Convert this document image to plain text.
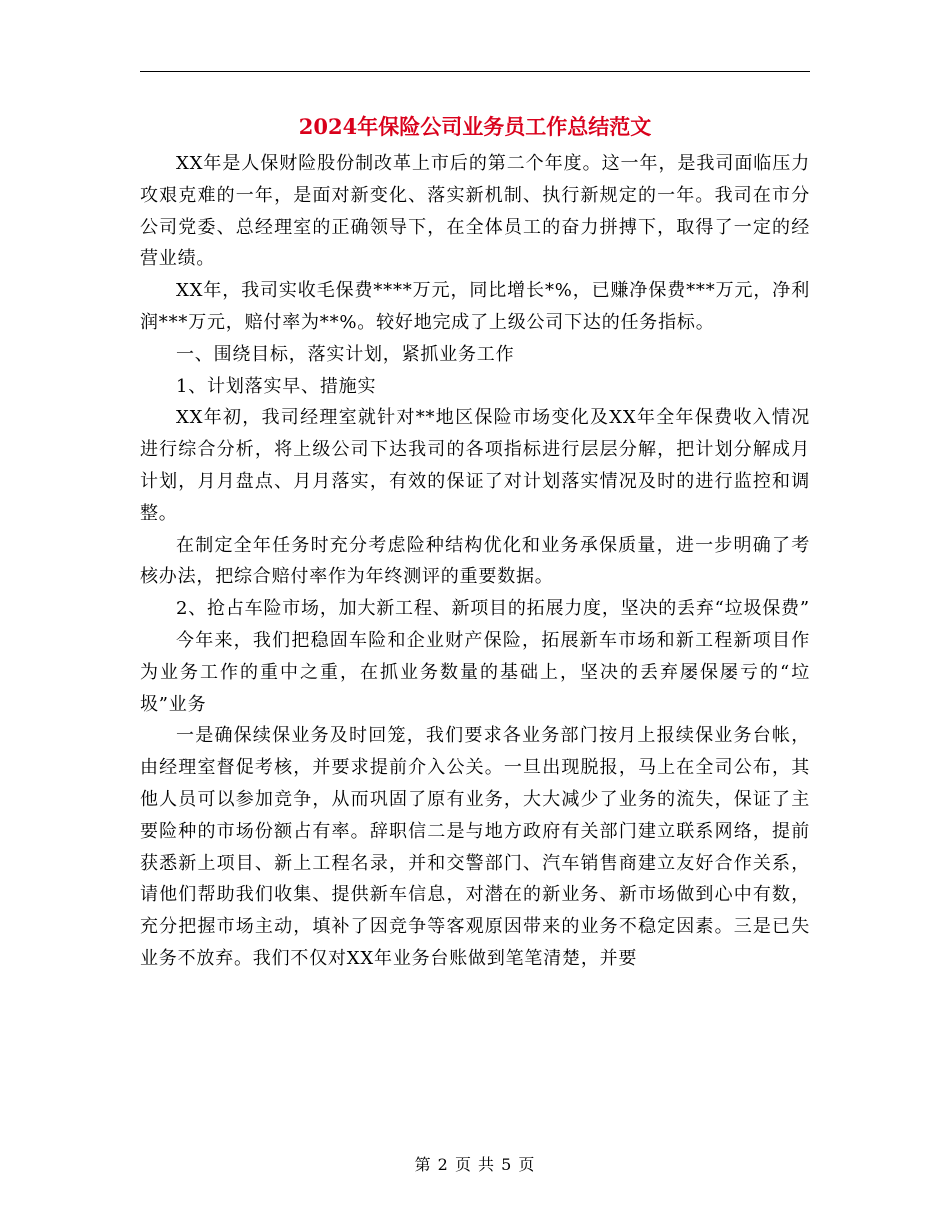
2024年保险公司业务员工作总结范文

XX年是人保财险股份制改革上市后的第二个年度。这一年，是我司面临压力攻艰克难的一年，是面对新变化、落实新机制、执行新规定的一年。我司在市分公司党委、总经理室的正确领导下，在全体员工的奋力拼搏下，取得了一定的经营业绩。

XX年，我司实收毛保费****万元，同比增长*%，已赚净保费***万元，净利润***万元，赔付率为**%。较好地完成了上级公司下达的任务指标。

一、围绕目标，落实计划，紧抓业务工作

1、计划落实早、措施实

XX年初，我司经理室就针对**地区保险市场变化及XX年全年保费收入情况进行综合分析，将上级公司下达我司的各项指标进行层层分解，把计划分解成月计划，月月盘点、月月落实，有效的保证了对计划落实情况及时的进行监控和调整。

在制定全年任务时充分考虑险种结构优化和业务承保质量，进一步明确了考核办法，把综合赔付率作为年终测评的重要数据。

2、抢占车险市场，加大新工程、新项目的拓展力度，坚决的丢弃“垃圾保费”

今年来，我们把稳固车险和企业财产保险，拓展新车市场和新工程新项目作为业务工作的重中之重，在抓业务数量的基础上，坚决的丢弃屡保屡亏的“垃圾”业务

一是确保续保业务及时回笼，我们要求各业务部门按月上报续保业务台帐，由经理室督促考核，并要求提前介入公关。一旦出现脱报，马上在全司公布，其他人员可以参加竞争，从而巩固了原有业务，大大减少了业务的流失，保证了主要险种的市场份额占有率。辞职信二是与地方政府有关部门建立联系网络，提前获悉新上项目、新上工程名录，并和交警部门、汽车销售商建立友好合作关系，请他们帮助我们收集、提供新车信息，对潜在的新业务、新市场做到心中有数，充分把握市场主动，填补了因竞争等客观原因带来的业务不稳定因素。三是已失业务不放弃。我们不仅对XX年业务台账做到笔笔清楚，并要

第 2 页 共 5 页
